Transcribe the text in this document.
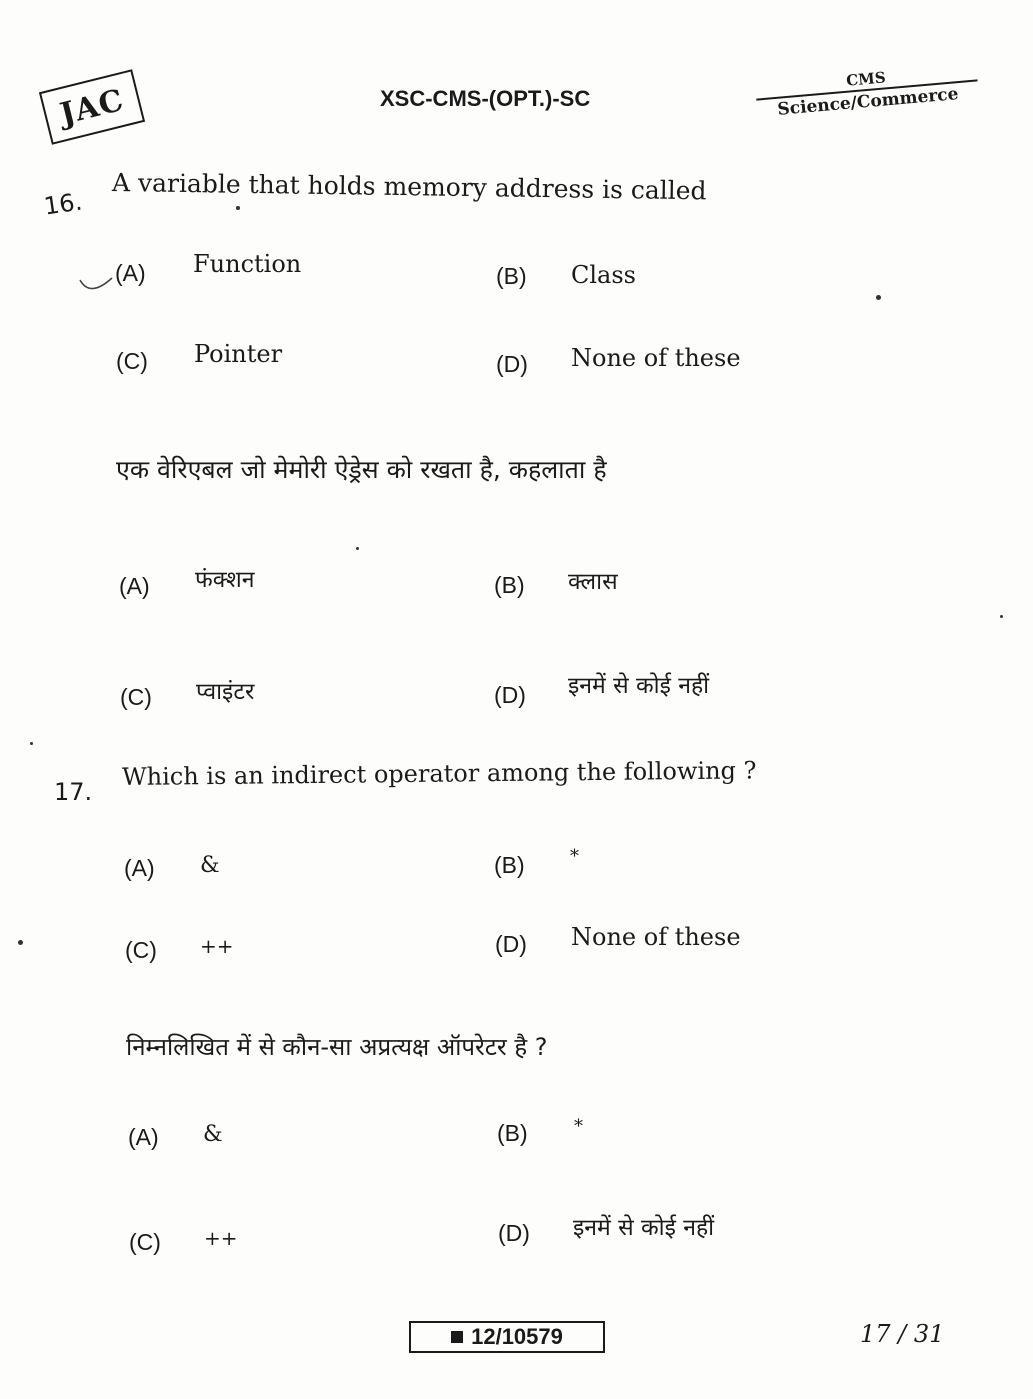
JAC	XSC-CMS-(OPT.)-SC
CMS
Science/Commerce
16. A variable that holds memory address is called
(A) Function	(B) Class
(C) Pointer	(D) None of these
एक वेरिएबल जो मेमोरी ऐड्रेस को रखता है, कहलाता है
(A) फंक्शन	(B) क्लास
(C) प्वाइंटर	(D) इनमें से कोई नहीं
17.
Which is an indirect operator among the following ?
(A) &	(B)	*
(C) ++	(D) None of these
निम्नलिखित में से कौन-सा अप्रत्यक्ष ऑपरेटर है ?
(A) &	(B)	*
(C) ++	(D) इनमें से कोई नहीं
12/10579	17 / 31
